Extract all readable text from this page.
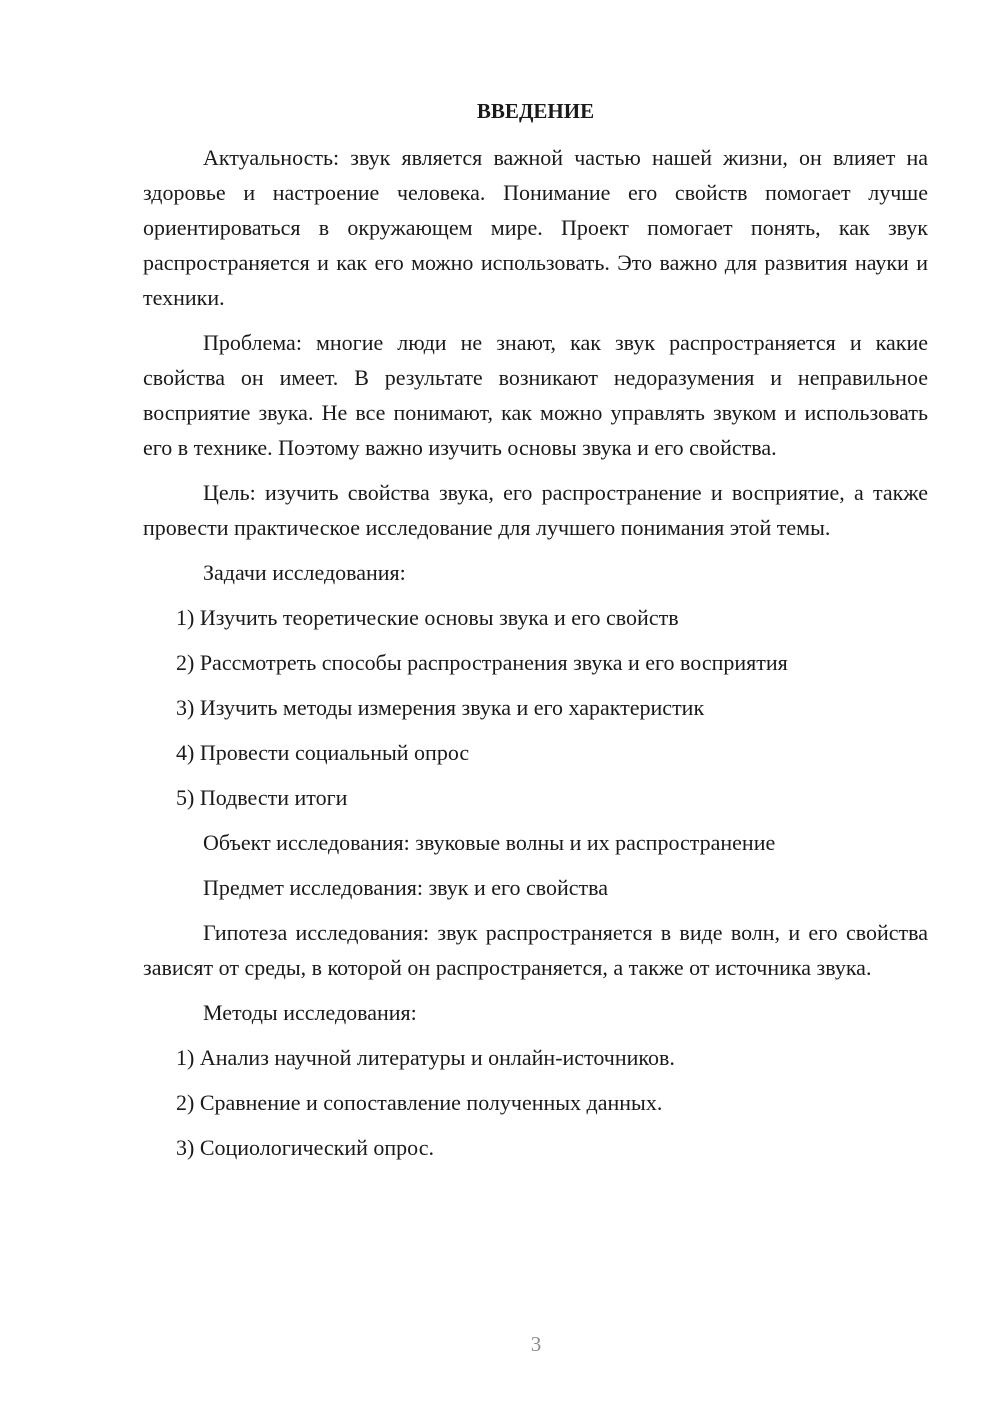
ВВЕДЕНИЕ

Актуальность: звук является важной частью нашей жизни, он влияет на здоровье и настроение человека. Понимание его свойств помогает лучше ориентироваться в окружающем мире. Проект помогает понять, как звук распространяется и как его можно использовать. Это важно для развития науки и техники.

Проблема: многие люди не знают, как звук распространяется и какие свойства он имеет. В результате возникают недоразумения и неправильное восприятие звука. Не все понимают, как можно управлять звуком и использовать его в технике. Поэтому важно изучить основы звука и его свойства.

Цель: изучить свойства звука, его распространение и восприятие, а также провести практическое исследование для лучшего понимания этой темы.

Задачи исследования:
1) Изучить теоретические основы звука и его свойств
2) Рассмотреть способы распространения звука и его восприятия
3) Изучить методы измерения звука и его характеристик
4) Провести социальный опрос
5) Подвести итоги
Объект исследования: звуковые волны и их распространение
Предмет исследования: звук и его свойства

Гипотеза исследования: звук распространяется в виде волн, и его свойства зависят от среды, в которой он распространяется, а также от источника звука.

Методы исследования:
1) Анализ научной литературы и онлайн-источников.
2) Сравнение и сопоставление полученных данных.
3) Социологический опрос.
3
